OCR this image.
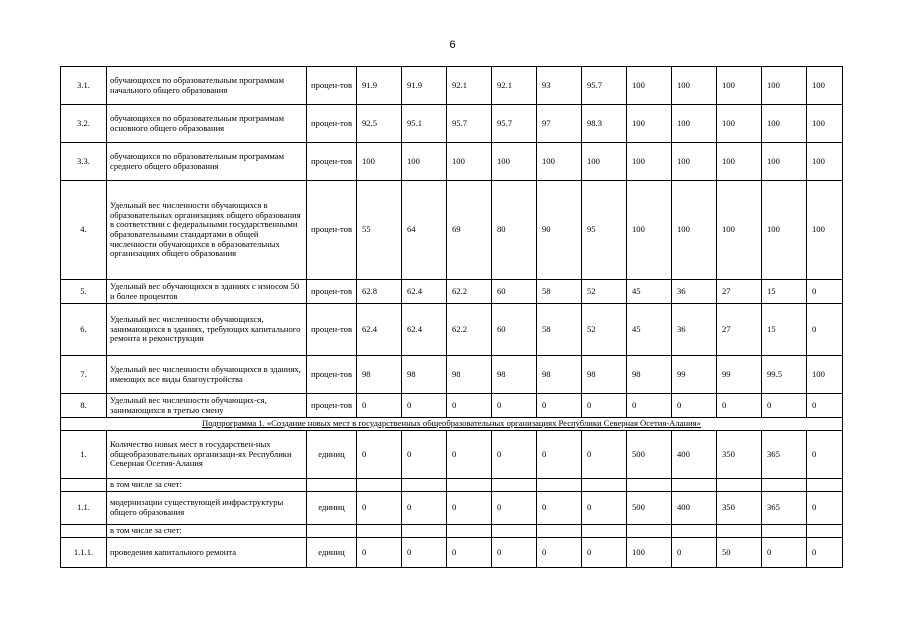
6
3.1.	обучающихся по образовательным программам начального общего образования	процен-тов	91.9	91.9	92.1	92.1	93	95.7	100	100	100	100	100
3.2.	обучающихся по образовательным программам основного общего образования	процен-тов	92.5	95.1	95.7	95.7	97	98.3	100	100	100	100	100
3.3.	обучающихся по образовательным программам среднего общего образования	процен-тов	100	100	100	100	100	100	100	100	100	100	100
4.	Удельный вес численности обучающихся в образовательных организациях общего образования в соответствии с федеральными государственными образовательными стандартами в общей численности обучающихся в образовательных организациях общего образования	процен-тов	55	64	69	80	90	95	100	100	100	100	100
5.	Удельный вес обучающихся в зданиях с износом 50 и более процентов	процен-тов	62.8	62.4	62.2	60	58	52	45	36	27	15	0
6.	Удельный вес численности обучающихся, занимающихся в зданиях, требующих капитального ремонта и реконструкции	процен-тов	62.4	62.4	62.2	60	58	52	45	36	27	15	0
7.	Удельный вес численности обучающихся в зданиях, имеющих все виды благоустройства	процен-тов	98	98	98	98	98	98	98	99	99	99.5	100
8.	Удельный вес численности обучающих-ся, занимающихся в третью смену	процен-тов	0	0	0	0	0	0	0	0	0	0	0
Подпрограмма 1. «Создание новых мест в государственных общеобразовательных организациях Республики Северная Осетия-Алания»													
1.	Количество новых мест в государствен-ных общеобразовательных организаци-ях Республики Северная Осетия-Алания	единиц	0	0	0	0	0	0	500	400	350	365	0
	в том числе за счет:												
1.1.	модернизации существующей инфраструктуры общего образования	единиц	0	0	0	0	0	0	500	400	350	365	0
	в том числе за счет:												
1.1.1.	проведения капитального ремонта	единиц	0	0	0	0	0	0	100	0	50	0	0
